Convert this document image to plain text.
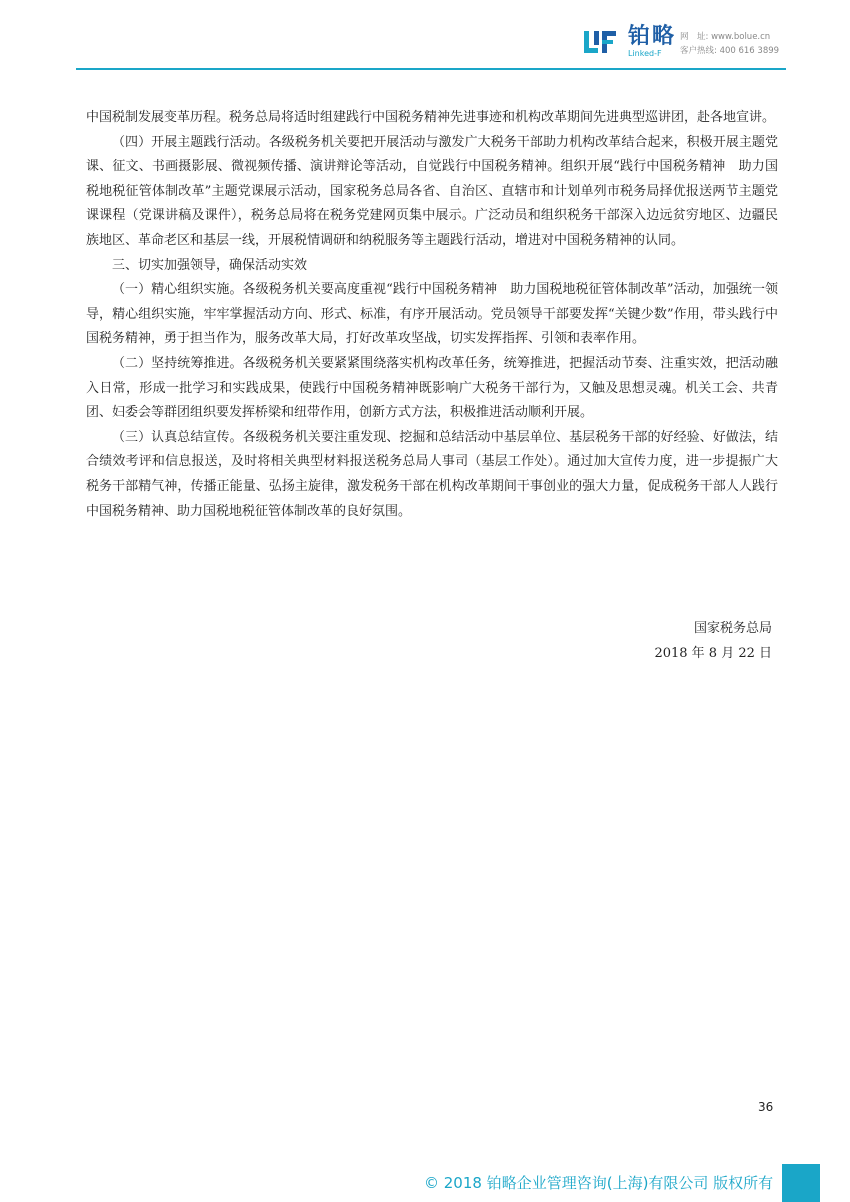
铂略
Linked-F
网　址: www.bolue.cn
客户热线: 400 616 3899

中国税制发展变革历程。税务总局将适时组建践行中国税务精神先进事迹和机构改革期间先进典型巡讲团，赴各地宣讲。

（四）开展主题践行活动。各级税务机关要把开展活动与激发广大税务干部助力机构改革结合起来，积极开展主题党课、征文、书画摄影展、微视频传播、演讲辩论等活动，自觉践行中国税务精神。组织开展“践行中国税务精神　助力国税地税征管体制改革”主题党课展示活动，国家税务总局各省、自治区、直辖市和计划单列市税务局择优报送两节主题党课课程（党课讲稿及课件），税务总局将在税务党建网页集中展示。广泛动员和组织税务干部深入边远贫穷地区、边疆民族地区、革命老区和基层一线，开展税情调研和纳税服务等主题践行活动，增进对中国税务精神的认同。

三、切实加强领导，确保活动实效

（一）精心组织实施。各级税务机关要高度重视“践行中国税务精神　助力国税地税征管体制改革”活动，加强统一领导，精心组织实施，牢牢掌握活动方向、形式、标准，有序开展活动。党员领导干部要发挥“关键少数”作用，带头践行中国税务精神，勇于担当作为，服务改革大局，打好改革攻坚战，切实发挥指挥、引领和表率作用。

（二）坚持统筹推进。各级税务机关要紧紧围绕落实机构改革任务，统筹推进，把握活动节奏、注重实效，把活动融入日常，形成一批学习和实践成果，使践行中国税务精神既影响广大税务干部行为，又触及思想灵魂。机关工会、共青团、妇委会等群团组织要发挥桥梁和纽带作用，创新方式方法，积极推进活动顺利开展。

（三）认真总结宣传。各级税务机关要注重发现、挖掘和总结活动中基层单位、基层税务干部的好经验、好做法，结合绩效考评和信息报送，及时将相关典型材料报送税务总局人事司（基层工作处）。通过加大宣传力度，进一步提振广大税务干部精气神，传播正能量、弘扬主旋律，激发税务干部在机构改革期间干事创业的强大力量，促成税务干部人人践行中国税务精神、助力国税地税征管体制改革的良好氛围。

国家税务总局
2018 年 8 月 22 日
36
© 2018 铂略企业管理咨询(上海)有限公司 版权所有
